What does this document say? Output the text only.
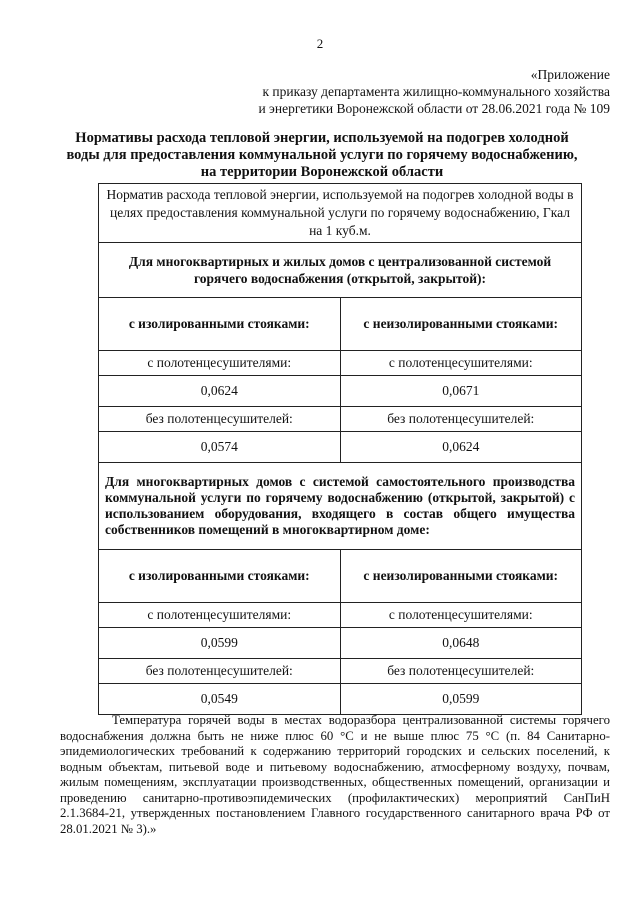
2
«Приложение
к приказу департамента жилищно-коммунального хозяйства
и энергетики Воронежской области от 28.06.2021 года № 109
Нормативы расхода тепловой энергии, используемой на подогрев холодной
воды для предоставления коммунальной услуги по горячему водоснабжению,
на территории Воронежской области
Норматив расхода тепловой энергии, используемой на подогрев холодной воды в целях предоставления коммунальной услуги по горячему водоснабжению, Гкал на 1 куб.м.	
Для многоквартирных и жилых домов с централизованной системой горячего водоснабжения (открытой, закрытой):	
с изолированными стояками:	с неизолированными стояками:
с полотенцесушителями:	с полотенцесушителями:
0,0624	0,0671
без полотенцесушителей:	без полотенцесушителей:
0,0574	0,0624
Для многоквартирных домов с системой самостоятельного производства коммунальной услуги по горячему водоснабжению (открытой, закрытой) с использованием оборудования, входящего в состав общего имущества собственников помещений в многоквартирном доме:	
с изолированными стояками:	с неизолированными стояками:
с полотенцесушителями:	с полотенцесушителями:
0,0599	0,0648
без полотенцесушителей:	без полотенцесушителей:
0,0549	0,0599
Температура горячей воды в местах водоразбора централизованной системы горячего водоснабжения должна быть не ниже плюс 60 °С и не выше плюс 75 °С (п. 84 Санитарно-эпидемиологических требований к содержанию территорий городских и сельских поселений, к водным объектам, питьевой воде и питьевому водоснабжению, атмосферному воздуху, почвам, жилым помещениям, эксплуатации производственных, общественных помещений, организации и проведению санитарно-противоэпидемических (профилактических) мероприятий СанПиН 2.1.3684-21, утвержденных постановлением Главного государственного санитарного врача РФ от 28.01.2021 № 3).»
